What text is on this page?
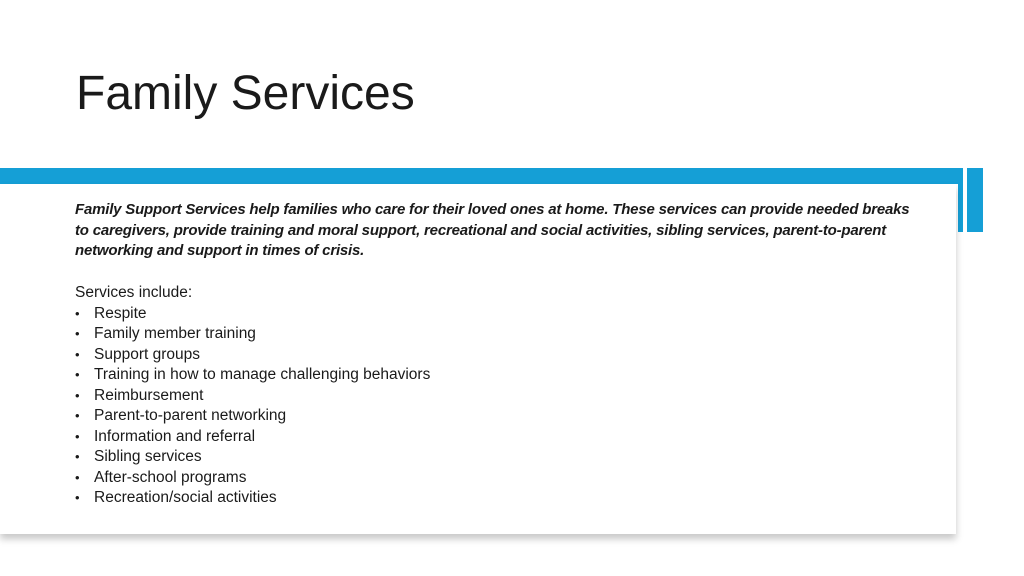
Family Services

Family Support Services help families who care for their loved ones at home. These services can provide needed breaks to caregivers, provide training and moral support, recreational and social activities, sibling services, parent-to-parent networking and support in times of crisis.

Services include:

• Respite
• Family member training
• Support groups
• Training in how to manage challenging behaviors
• Reimbursement
• Parent-to-parent networking
• Information and referral
• Sibling services
• After-school programs
• Recreation/social activities
